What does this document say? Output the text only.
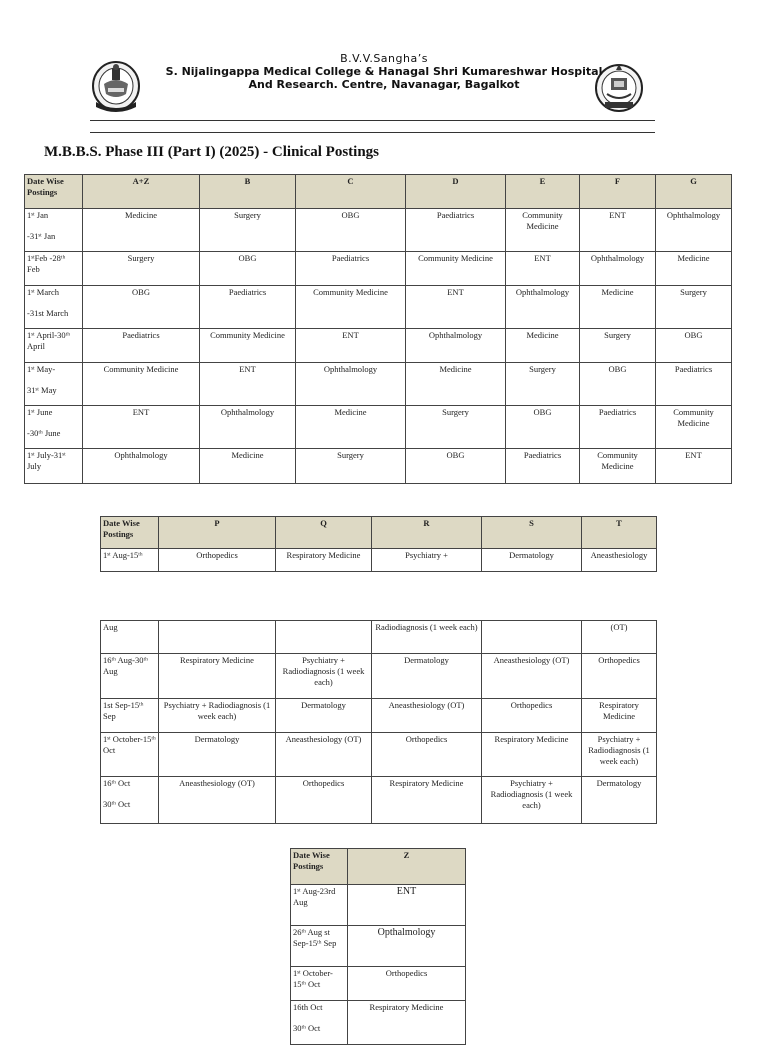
B.V.V.Sangha’s
S. Nijalingappa Medical College & Hanagal Shri Kumareshwar Hospital
And Research. Centre, Navanagar, Bagalkot
M.B.B.S. Phase III (Part I) (2025) - Clinical Postings
Date Wise Postings	A+Z	B	C	D	E	F	G

1ˢᵗ Jan
-31ˢᵗ Jan	Medicine	Surgery	OBG	Paediatrics	Community Medicine	ENT	Ophthalmology

1ˢᵗFeb -28ᵗʰ Feb	Surgery	OBG	Paediatrics	Community Medicine	ENT	Ophthalmology	Medicine

1ˢᵗ March
-31st March	OBG	Paediatrics	Community Medicine	ENT	Ophthalmology	Medicine	Surgery

1ˢᵗ April-30ᵗʰ April	Paediatrics	Community Medicine	ENT	Ophthalmology	Medicine	Surgery	OBG

1ˢᵗ May-
31ˢᵗ May	Community Medicine	ENT	Ophthalmology	Medicine	Surgery	OBG	Paediatrics

1ˢᵗ June
-30ᵗʰ June	ENT	Ophthalmology	Medicine	Surgery	OBG	Paediatrics	Community Medicine

1ˢᵗ July-31ˢᵗ July	Ophthalmology	Medicine	Surgery	OBG	Paediatrics	Community Medicine	ENT
Date Wise Postings	P	Q	R	S	T
1ˢᵗ Aug-15ᵗʰ	Orthopedics	Respiratory Medicine	Psychiatry +	Dermatology	Aneasthesiology
Aug			Radiodiagnosis (1 week each)		(OT)
16ᵗʰ Aug-30ᵗʰ Aug	Respiratory Medicine	Psychiatry + Radiodiagnosis (1 week each)	Dermatology	Aneasthesiology (OT)	Orthopedics
1st Sep-15ᵗʰ Sep	Psychiatry + Radiodiagnosis (1 week each)	Dermatology	Aneasthesiology (OT)	Orthopedics	Respiratory Medicine
1ˢᵗ October-15ᵗʰ Oct	Dermatology	Aneasthesiology (OT)	Orthopedics	Respiratory Medicine	Psychiatry + Radiodiagnosis (1 week each)

16ᵗʰ Oct
30ᵗʰ Oct	Aneasthesiology (OT)	Orthopedics	Respiratory Medicine	Psychiatry + Radiodiagnosis (1 week each)	Dermatology
Date Wise Postings	Z
1ˢᵗ Aug-23rd Aug	ENT
26ᵗʰ Aug st Sep-15ᵗʰ Sep	Opthalmology
1ˢᵗ October-15ᵗʰ Oct	Orthopedics

16th Oct
30ᵗʰ Oct	Respiratory Medicine
